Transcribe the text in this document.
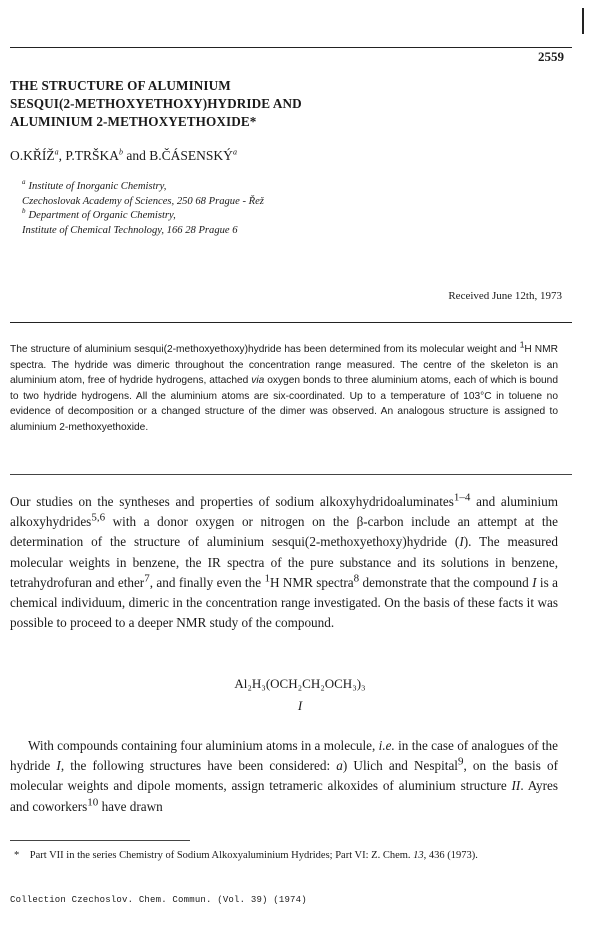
2559
THE STRUCTURE OF ALUMINIUM
SESQUI(2-METHOXYETHOXY)HYDRIDE AND
ALUMINIUM 2-METHOXYETHOXIDE*
O.KŘÍŽ$^a$, P.TRŠKA$^b$ and B.ČÁSENSKÝ$^a$
$^a$ Institute of Inorganic Chemistry,
Czechoslovak Academy of Sciences, 250 68 Prague - Řež
$^b$ Department of Organic Chemistry,
Institute of Chemical Technology, 166 28 Prague 6
Received June 12th, 1973
The structure of aluminium sesqui(2-methoxyethoxy)hydride has been determined from its molecular weight and $^1$H NMR spectra. The hydride was dimeric throughout the concentration range measured. The centre of the skeleton is an aluminium atom, free of hydride hydrogens, attached via oxygen bonds to three aluminium atoms, each of which is bound to two hydride hydrogens. All the aluminium atoms are six-coordinated. Up to a temperature of 103°C in toluene no evidence of decomposition or a changed structure of the dimer was observed. An analogous structure is assigned to aluminium 2-methoxyethoxide.

Our studies on the syntheses and properties of sodium alkoxyhydridoaluminates$^{1-4}$ and aluminium alkoxyhydrides$^{5,6}$ with a donor oxygen or nitrogen on the β-carbon include an attempt at the determination of the structure of aluminium sesqui(2-methoxyethoxy)hydride (I). The measured molecular weights in benzene, the IR spectra of the pure substance and its solutions in benzene, tetrahydrofuran and ether$^7$, and finally even the $^1$H NMR spectra$^8$ demonstrate that the compound I is a chemical individuum, dimeric in the concentration range investigated. On the basis of these facts it was possible to proceed to a deeper NMR study of the compound.

Al₂H₃(OCH₂CH₂OCH₃)₃
I

With compounds containing four aluminium atoms in a molecule, i.e. in the case of analogues of the hydride I, the following structures have been considered: a) Ulich and Nespital$^9$, on the basis of molecular weights and dipole moments, assign tetrameric alkoxides of aluminium structure II. Ayres and coworkers$^{10}$ have drawn

* Part VII in the series Chemistry of Sodium Alkoxyaluminium Hydrides; Part VI: Z. Chem. 13, 436 (1973).
Collection Czechoslov. Chem. Commun. (Vol. 39) (1974)
